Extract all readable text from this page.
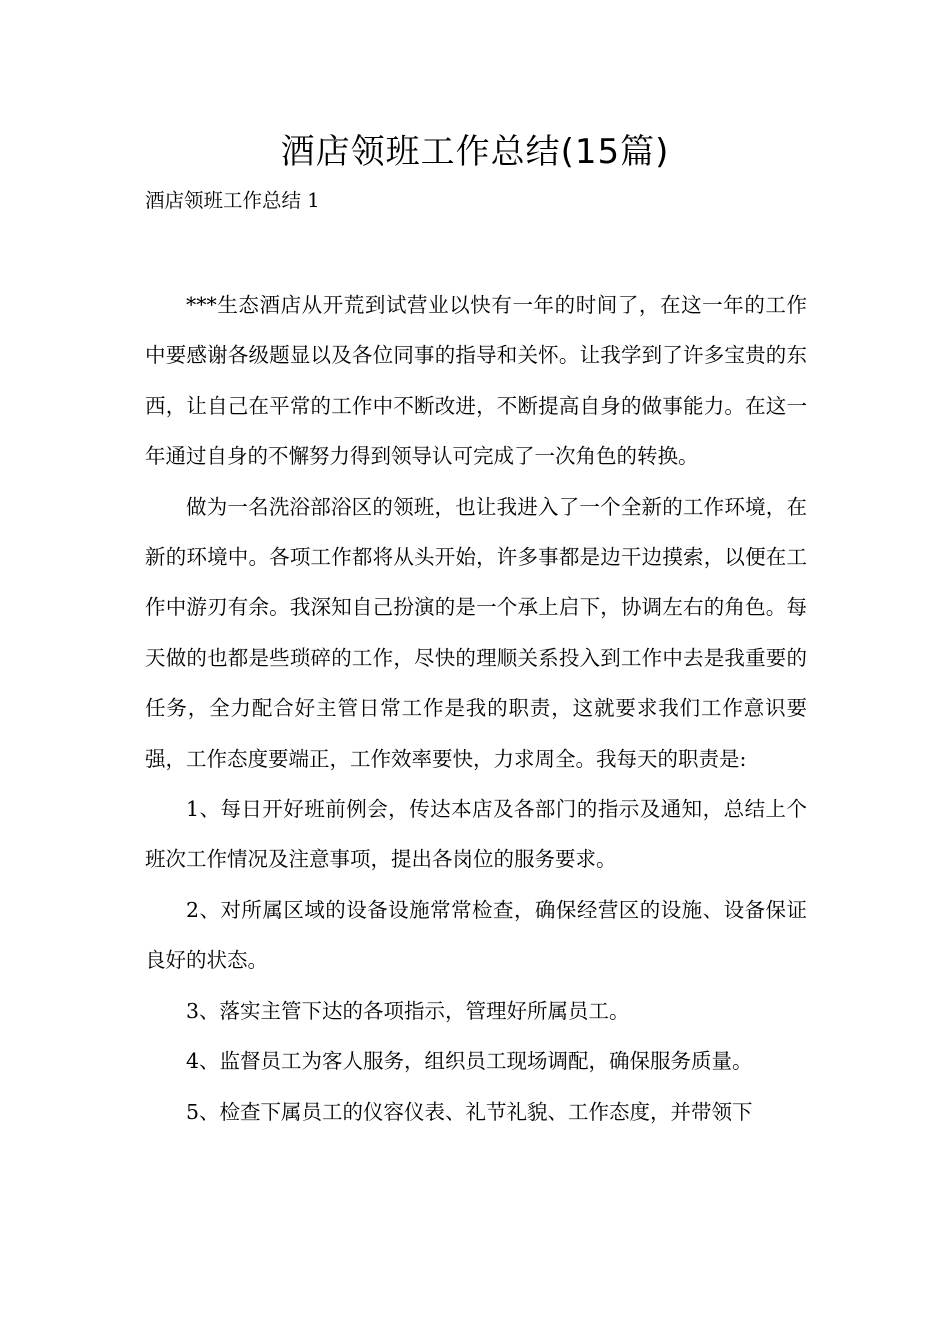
酒店领班工作总结(15篇)
酒店领班工作总结 1

***生态酒店从开荒到试营业以快有一年的时间了，在这一年的工作中要感谢各级题显以及各位同事的指导和关怀。让我学到了许多宝贵的东西，让自己在平常的工作中不断改进，不断提高自身的做事能力。在这一年通过自身的不懈努力得到领导认可完成了一次角色的转换。

做为一名洗浴部浴区的领班，也让我进入了一个全新的工作环境，在新的环境中。各项工作都将从头开始，许多事都是边干边摸索，以便在工作中游刃有余。我深知自己扮演的是一个承上启下，协调左右的角色。每天做的也都是些琐碎的工作，尽快的理顺关系投入到工作中去是我重要的任务，全力配合好主管日常工作是我的职责，这就要求我们工作意识要强，工作态度要端正，工作效率要快，力求周全。我每天的职责是:

1、每日开好班前例会，传达本店及各部门的指示及通知，总结上个班次工作情况及注意事项，提出各岗位的服务要求。

2、对所属区域的设备设施常常检查，确保经营区的设施、设备保证良好的状态。

3、落实主管下达的各项指示，管理好所属员工。

4、监督员工为客人服务，组织员工现场调配，确保服务质量。

5、检查下属员工的仪容仪表、礼节礼貌、工作态度，并带领下
